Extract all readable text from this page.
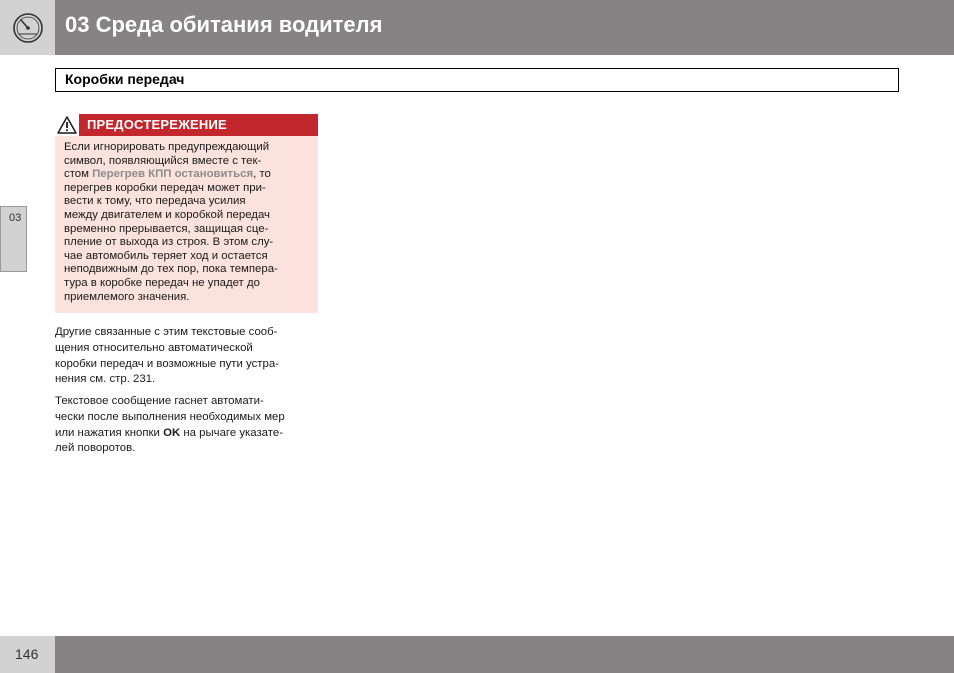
03 Среда обитания водителя
Коробки передач
03
ПРЕДОСТЕРЕЖЕНИЕ
Если игнорировать предупреждающий
символ, появляющийся вместе с тек-
стом Перегрев КПП остановиться, то
перегрев коробки передач может при-
вести к тому, что передача усилия
между двигателем и коробкой передач
временно прерывается, защищая сце-
пление от выхода из строя. В этом слу-
чае автомобиль теряет ход и остается
неподвижным до тех пор, пока темпера-
тура в коробке передач не упадет до
приемлемого значения.
Другие связанные с этим текстовые сооб-
щения относительно автоматической
коробки передач и возможные пути устра-
нения см. стр. 231.
Текстовое сообщение гаснет автомати-
чески после выполнения необходимых мер
или нажатия кнопки OK на рычаге указате-
лей поворотов.
146
